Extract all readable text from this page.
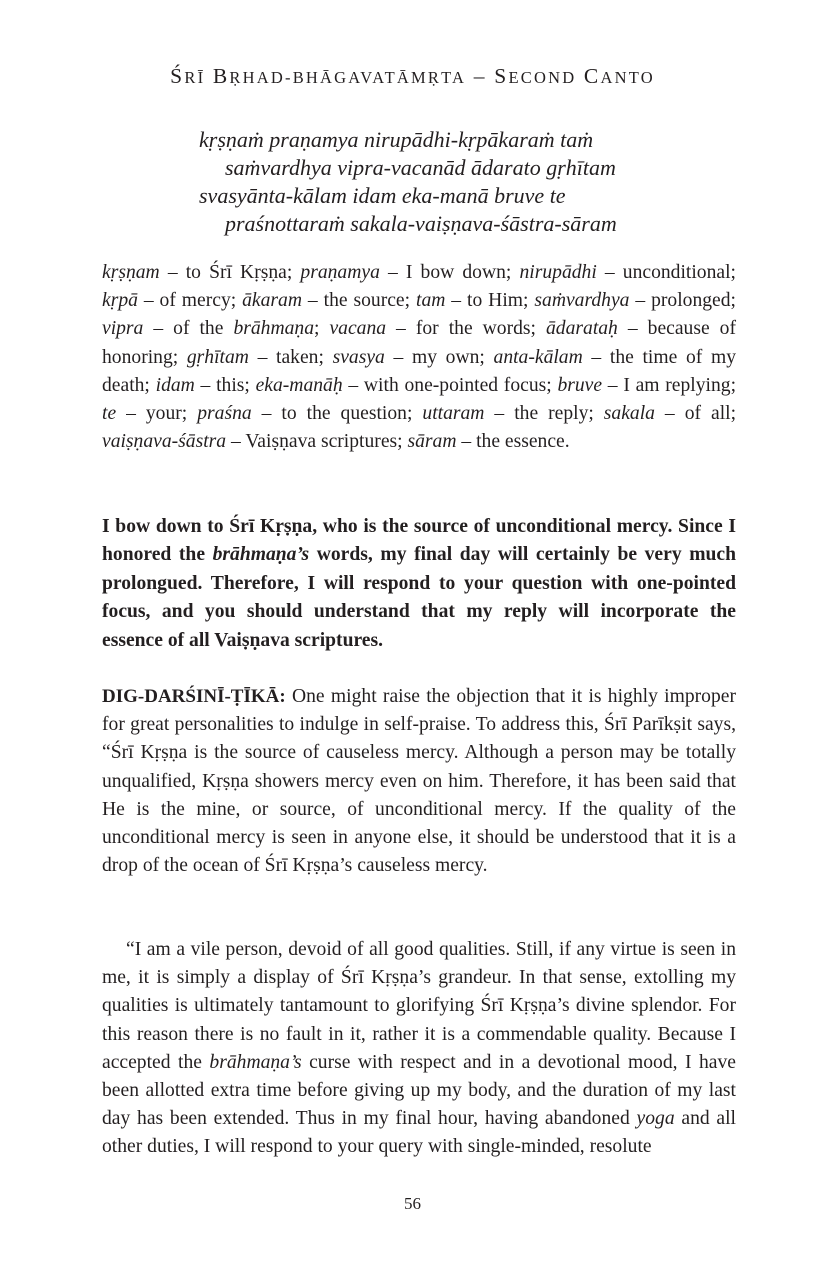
ŚRĪ BṚHAD-BHĀGAVATĀMṚTA – SECOND CANTO
kṛṣṇaṁ praṇamya nirupādhi-kṛpākaraṁ taṁ
saṁvardhya vipra-vacanād ādarato gṛhītam
svasyānta-kālam idam eka-manā bruve te
praśnottaraṁ sakala-vaiṣṇava-śāstra-sāram
kṛṣṇam – to Śrī Kṛṣṇa; praṇamya – I bow down; nirupādhi – unconditional; kṛpā – of mercy; ākaram – the source; tam – to Him; saṁvardhya – prolonged; vipra – of the brāhmaṇa; vacana – for the words; ādarataḥ – because of honoring; gṛhītam – taken; svasya – my own; anta-kālam – the time of my death; idam – this; eka-manāḥ – with one-pointed focus; bruve – I am replying; te – your; praśna – to the question; uttaram – the reply; sakala – of all; vaiṣṇava-śāstra – Vaiṣṇava scriptures; sāram – the essence.
I bow down to Śrī Kṛṣṇa, who is the source of unconditional mercy. Since I honored the brāhmaṇa’s words, my final day will certainly be very much prolongued. Therefore, I will respond to your question with one-pointed focus, and you should understand that my reply will incorporate the essence of all Vaiṣṇava scriptures.
DIG-DARŚINĪ-ṬĪKĀ: One might raise the objection that it is highly improper for great personalities to indulge in self-praise. To address this, Śrī Parīkṣit says, “Śrī Kṛṣṇa is the source of causeless mercy. Although a person may be totally unqualified, Kṛṣṇa showers mercy even on him. Therefore, it has been said that He is the mine, or source, of unconditional mercy. If the quality of the unconditional mercy is seen in anyone else, it should be understood that it is a drop of the ocean of Śrī Kṛṣṇa’s causeless mercy.
“I am a vile person, devoid of all good qualities. Still, if any virtue is seen in me, it is simply a display of Śrī Kṛṣṇa’s grandeur. In that sense, extolling my qualities is ultimately tantamount to glorifying Śrī Kṛṣṇa’s divine splendor. For this reason there is no fault in it, rather it is a commendable quality. Because I accepted the brāhmaṇa’s curse with respect and in a devotional mood, I have been allotted extra time before giving up my body, and the duration of my last day has been extended. Thus in my final hour, having abandoned yoga and all other duties, I will respond to your query with single-minded, resolute
56
